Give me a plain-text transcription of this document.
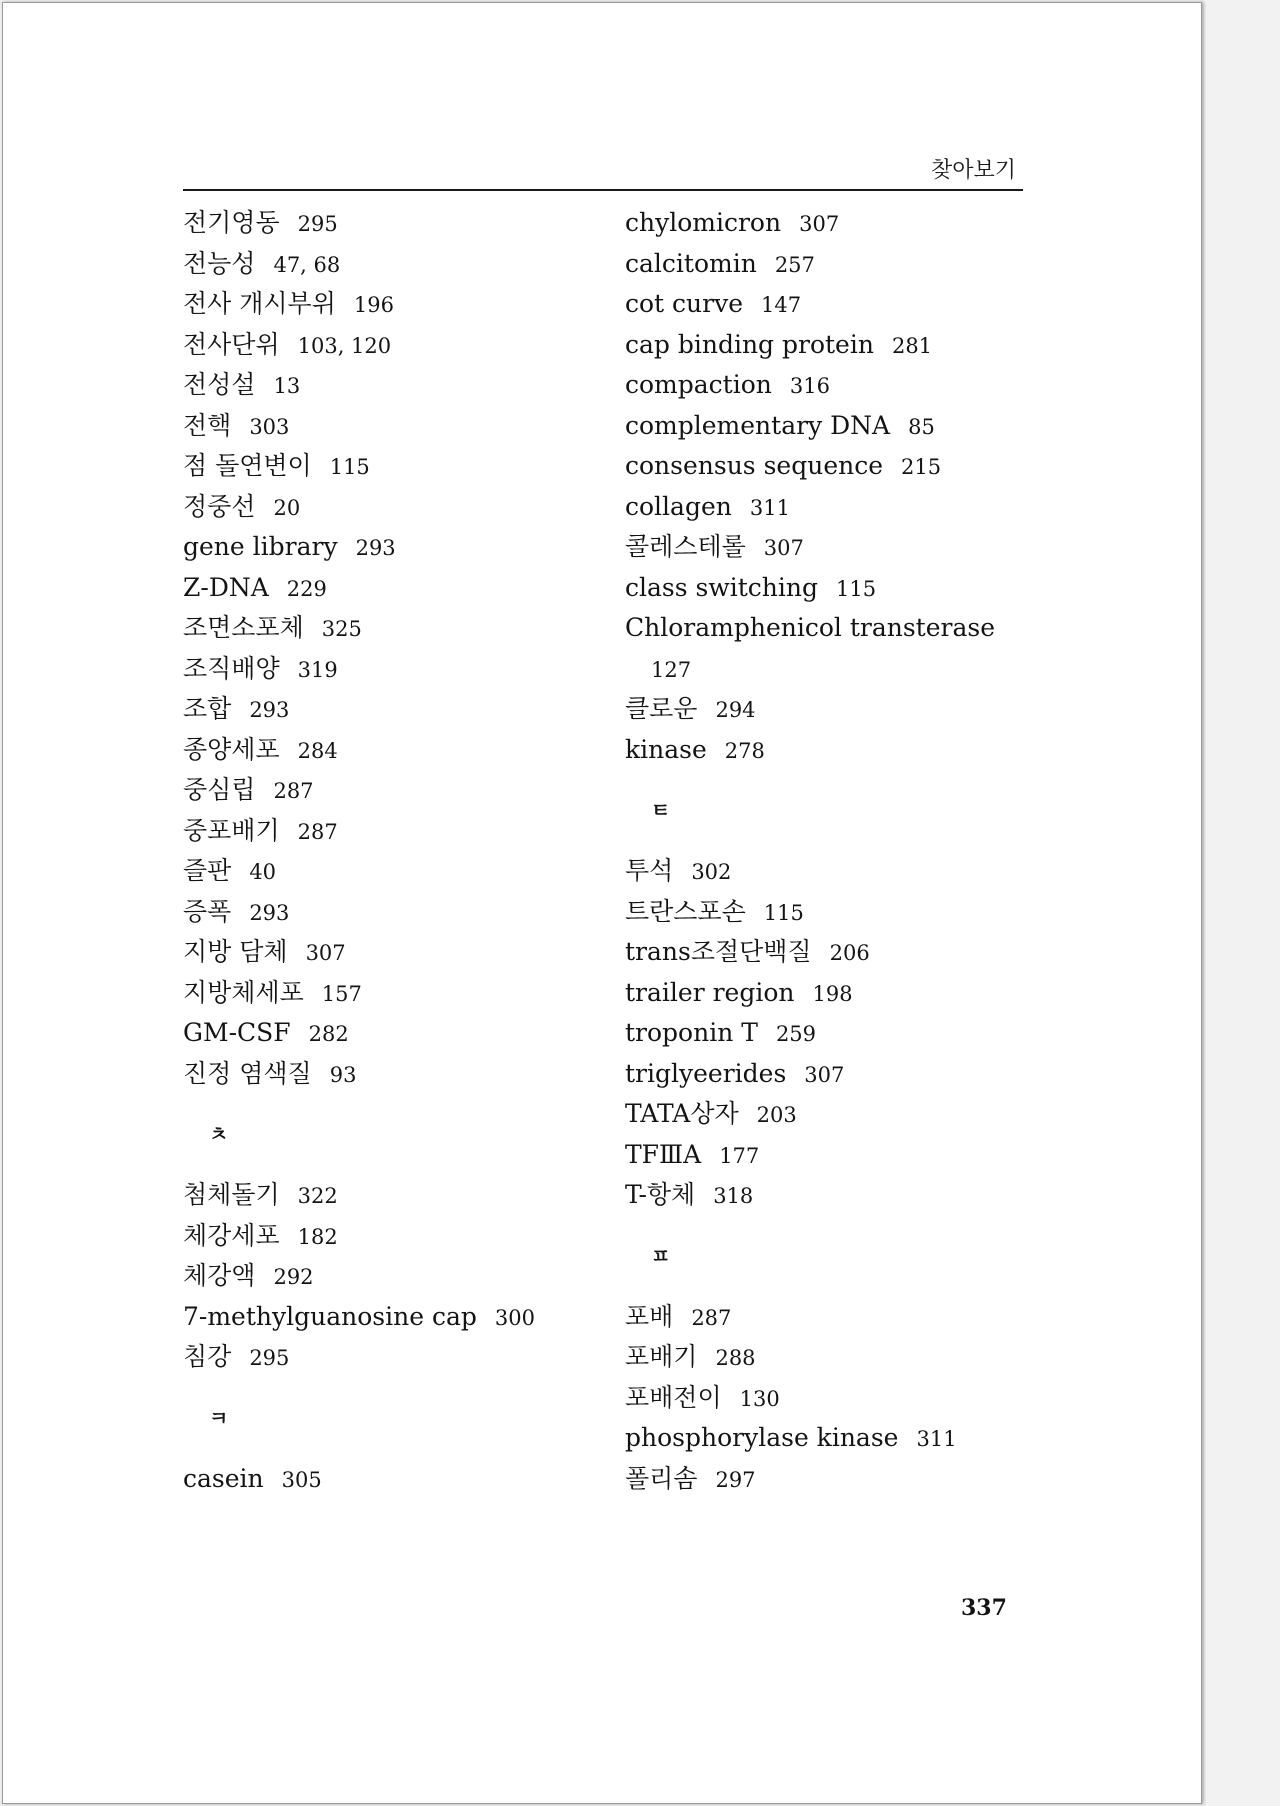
찾아보기
전기영동 295
전능성 47, 68
전사 개시부위 196
전사단위 103, 120
전성설 13
전핵 303
점 돌연변이 115
정중선 20
gene library 293
Z-DNA 229
조면소포체 325
조직배양 319
조합 293
종양세포 284
중심립 287
중포배기 287
즐판 40
증폭 293
지방 담체 307
지방체세포 157
GM-CSF 282
진정 염색질 93
ㅊ
첨체돌기 322
체강세포 182
체강액 292
7-methylguanosine cap 300
침강 295
ㅋ
casein 305
chylomicron 307
calcitomin 257
cot curve 147
cap binding protein 281
compaction 316
complementary DNA 85
consensus sequence 215
collagen 311
콜레스테롤 307
class switching 115
Chloramphenicol transterase
127
클로운 294
kinase 278
ㅌ
투석 302
트란스포손 115
trans조절단백질 206
trailer region 198
troponin T 259
triglyeerides 307
TATA상자 203
TFⅢA 177
T-항체 318
ㅍ
포배 287
포배기 288
포배전이 130
phosphorylase kinase 311
폴리솜 297
337
